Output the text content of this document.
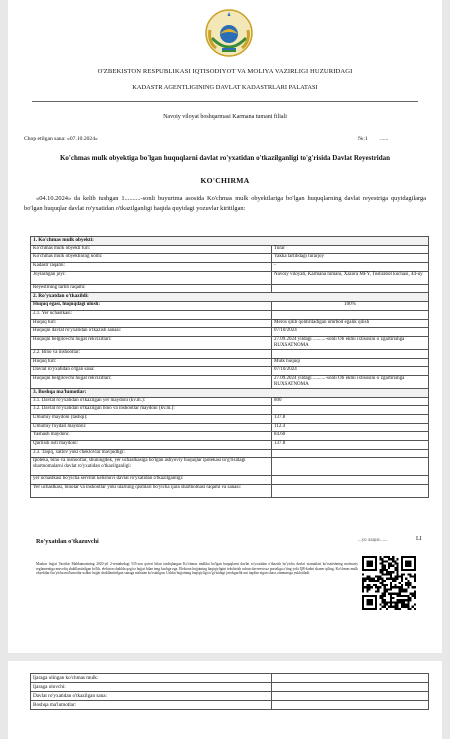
O'ZBEKISTON RESPUBLIKASI IQTISODIYOT VA MOLIYA VAZIRLIGI HUZURIDAGI
KADASTR AGENTLIGINING DAVLAT KADASTRLARI PALATASI
Navoiy viloyat boshqarmasi Karmana tumani filiali
Chop etilgan sana: «07.10.2024»	№:1 ......
Ko'chmas mulk obyektiga bo'lgan huquqlarni davlat ro'yxatidan o'tkazilganligi to'g'risida Davlat Reyestridan
KO'CHIRMA
«04.10.2024» da kelib tushgan 1..........-sonli buyurtma asosida Ko'chmas mulk obyektlariga bo'lgan huquqlarning davlat reyestriga quyidagilarga bo'lgan huquqlar davlat ro'yxatidan o'tkazilganligi haqida quyidagi yozuvlar kiritilgan:
1. Ko'chmas mulk obyekti:	
Ko'chmas mulk obyekti turi:	Turar
Ko'chmas mulk obyektining nomi:	Yakka tartibdagi turarjoy
Kadastr raqami:	-
Joylashgan joyi:	Navoiy viloyati, Karmana tumani, Xazora MFY, Toshrabot kuchasi, 44-uy
Reyestrning tartib raqami:	
2. Ro'yxatdan o'tkazildi:	
Huquq egasi, huquqdagi ulush:	100%
2.1. Yer uchastkasi:	
Huquq turi:	Meros qilib qoldiriladigan umrbod egalik qilish
Huquqni davlat ro'yxatidan o'tkazish sanasi:	07/10/2024
Huquqni belgilovchi hujjat rekvizitlari:	27.09.2024 yildagi ..........-sonli Ob`ektni ixtisosini o`zgartirishga RUXSATNOMA
2.2. Bino va inshootlar:	
Huquq turi:	Mulk huquqi
Davlat ro'yxatidan o'tgan sana:	07/10/2024
Huquqni belgilovchi hujjat rekvizitlari:	27.09.2024 yildagi ..........-sonli Ob`ektni ixtisosini o`zgartirishga RUXSATNOMA
3. Boshqa ma'lumotlar:	
3.1. Davlat ro'yxatidan o'tkazilgan yer maydoni (kv.m.):	800
3.2. Davlat ro'yxatidan o'tkazilgan bino va inshootlar maydoni (kv.m.):	
Umumiy maydoni (tashqi):	137.8
Umumiy foydali maydoni:	112.4
Yashash maydoni:	84.60
Qurilish osti maydoni:	137.8
3.3. Taqiq, xatlov yoki cheklovlar mavjudligi:	
Ipoteka, bino va inshootlar, shuningdek, yer uchastkasiga bo'lgan ashyoviy huquqlar ipotekasi to'g'risidagi shartnomalarni davlat ro'yxatidan o'tkazilganligi:	
yer uchastkasi bo'yicha servitut kelishuvi davlat ro'yxatidan o'tkazilganligi:	
Yer uchastkasi, binolar va inshootlar yoki ularning qismlari bo'yicha ijara shartnomasi raqami va sanasi:	
Ro'yxatdan o'tkazuvchi	...уо лацис......	LI
Mazkur hujjat Vazirlar Mahkamasining 2020-yil 2-sentabrdagi 535-son qarori bilan tasdiqlangan Ko'chmas mulkka bo'lgan huquqlarni davlat ro'yxatidan o'tkazish bo'yicha davlat xizmatlari ko'rsatishning ma'muriy reglamentiga muvofiq shakllantirilgan bo'lib, elektron shaklda qog'oz hujjat bilan teng kuchga ega. Elektron hujjatning haqiqiyligini tekshirish uchun davreestr.uz portaliga o'ting yoki QR-kodni skaner qiling. Ko'chmas mulk obyektlari bo'yicha ma'lumotlar ushbu hujjat shakllantirilgan sanaga nisbatan ko'rsatilgan. Ushbu hujjatning haqiqiyligi to'g'risidagi javobgarlik uni taqdim etgan shaxs zimmasiga yuklatiladi.
Ijaraga olingan ko'chmas mulk:	
Ijaraga oluvchi:	
Davlat ro'yxatidan o'tkazilgan sana:	
Boshqa ma'lumotlar:	
